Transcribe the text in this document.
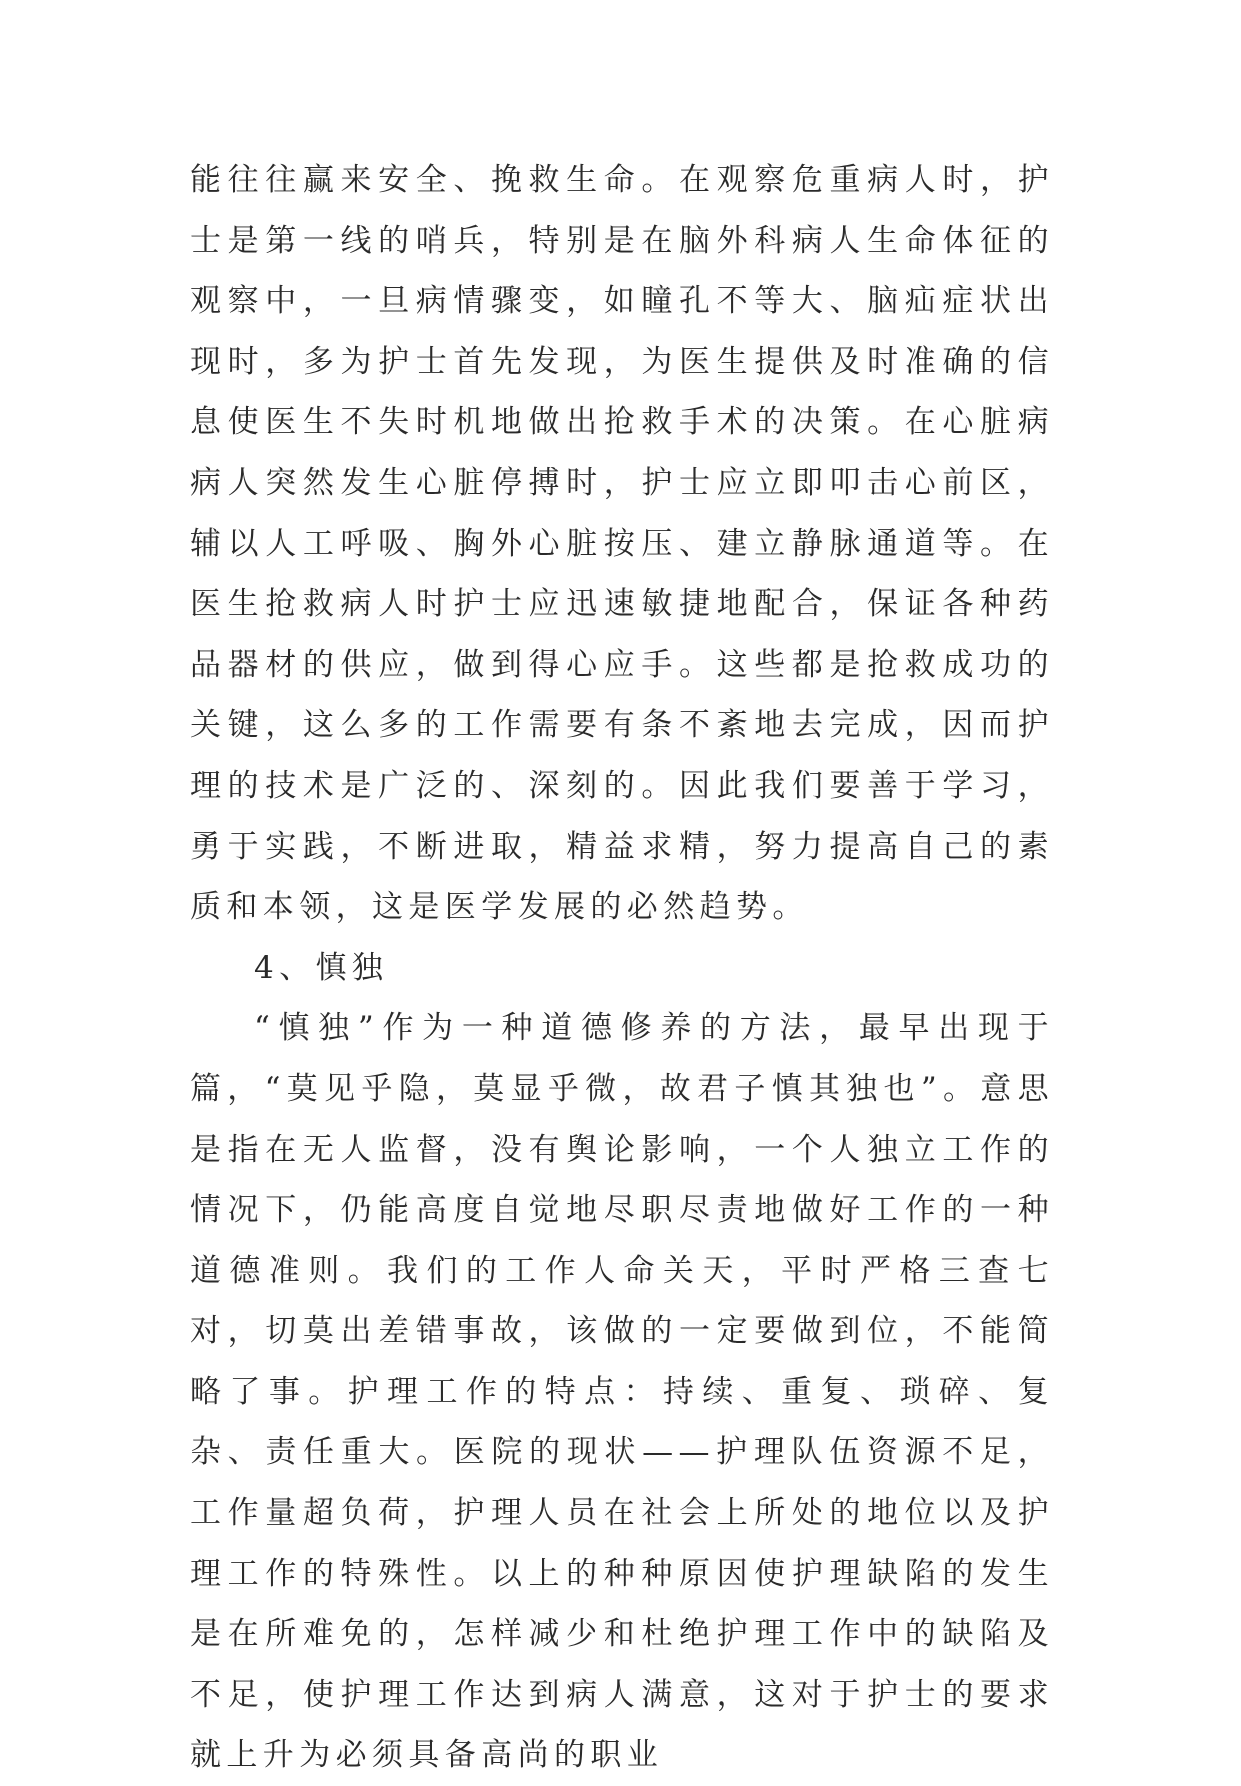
能往往赢来安全、挽救生命。在观察危重病人时，护士是第一线的哨兵，特别是在脑外科病人生命体征的观察中，一旦病情骤变，如瞳孔不等大、脑疝症状出现时，多为护士首先发现，为医生提供及时准确的信息使医生不失时机地做出抢救手术的决策。在心脏病病人突然发生心脏停搏时，护士应立即叩击心前区，辅以人工呼吸、胸外心脏按压、建立静脉通道等。在医生抢救病人时护士应迅速敏捷地配合，保证各种药品器材的供应，做到得心应手。这些都是抢救成功的关键，这么多的工作需要有条不紊地去完成，因而护理的技术是广泛的、深刻的。因此我们要善于学习，勇于实践，不断进取，精益求精，努力提高自己的素质和本领，这是医学发展的必然趋势。

4、慎独

“慎独”作为一种道德修养的方法，最早出现于篇，“莫见乎隐，莫显乎微，故君子慎其独也”。意思是指在无人监督，没有舆论影响，一个人独立工作的情况下，仍能高度自觉地尽职尽责地做好工作的一种道德准则。我们的工作人命关天，平时严格三查七对，切莫出差错事故，该做的一定要做到位，不能简略了事。护理工作的特点：持续、重复、琐碎、复杂、责任重大。医院的现状——护理队伍资源不足，工作量超负荷，护理人员在社会上所处的地位以及护理工作的特殊性。以上的种种原因使护理缺陷的发生是在所难免的，怎样减少和杜绝护理工作中的缺陷及不足，使护理工作达到病人满意，这对于护士的要求就上升为必须具备高尚的职业
